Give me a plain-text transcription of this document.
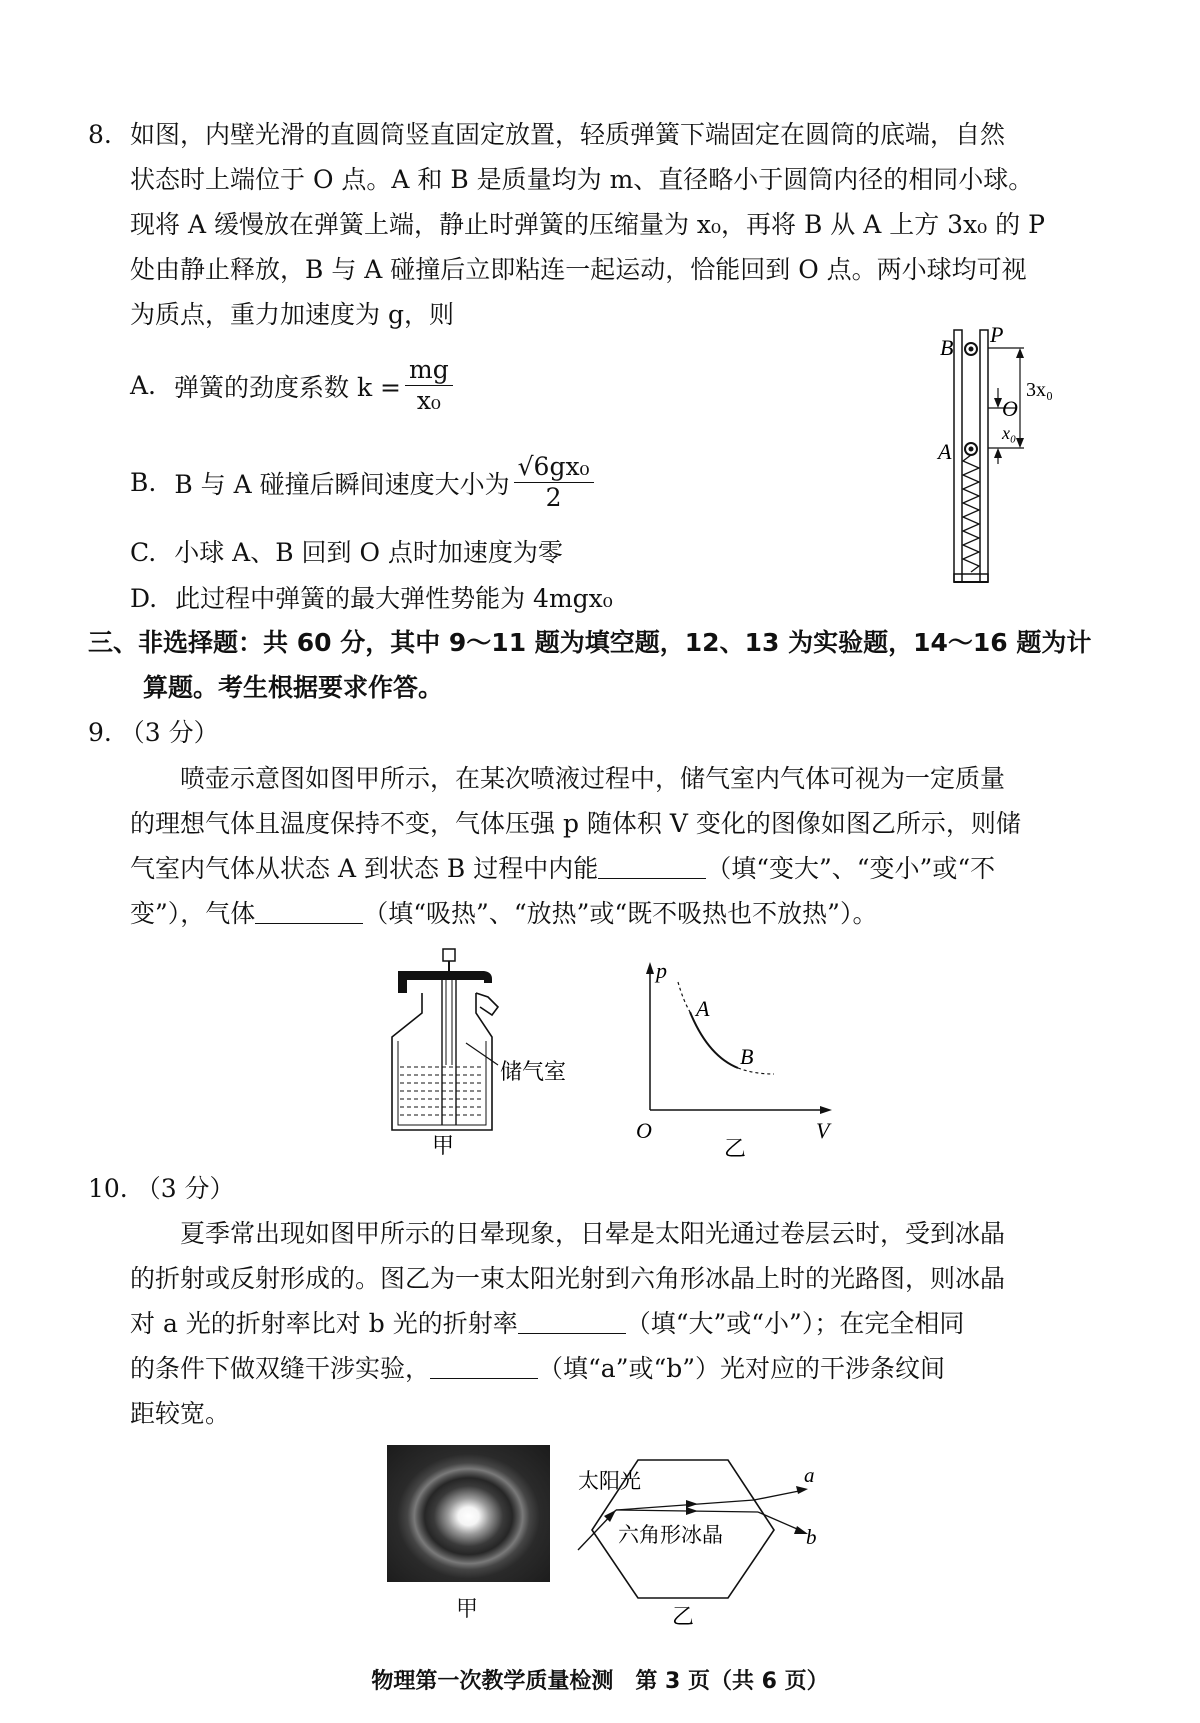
8. 如图，内壁光滑的直圆筒竖直固定放置，轻质弹簧下端固定在圆筒的底端，自然
状态时上端位于 O 点。A 和 B 是质量均为 m、直径略小于圆筒内径的相同小球。
现将 A 缓慢放在弹簧上端，静止时弹簧的压缩量为 x₀，再将 B 从 A 上方 3x₀ 的 P
处由静止释放，B 与 A 碰撞后立即粘连一起运动，恰能回到 O 点。两小球均可视
为质点，重力加速度为 g，则
A. 弹簧的劲度系数 $k = \frac{mg}{\text{x₀}}$
B. B 与 A 碰撞后瞬间速度大小为 $\frac{\text{√6gx₀}}{2}$
C. 小球 A、B 回到 O 点时加速度为零
D. 此过程中弹簧的最大弹性势能为 4mgx₀
B
P
3x₀
O
x₀
A
三、非选择题：共 60 分，其中 9～11 题为填空题，12、13 为实验题，14～16 题为计
算题。考生根据要求作答。
9. （3 分）
喷壶示意图如图甲所示，在某次喷液过程中，储气室内气体可视为一定质量
的理想气体且温度保持不变，气体压强 p 随体积 V 变化的图像如图乙所示，则储
气室内气体从状态 A 到状态 B 过程中内能	（填“变大”、“变小”或“不
变”），气体	（填“吸热”、“放热”或“既不吸热也不放热”）。
储气室
甲
p
V
O
A
B
乙
10. （3 分）
夏季常出现如图甲所示的日晕现象，日晕是太阳光通过卷层云时，受到冰晶
的折射或反射形成的。图乙为一束太阳光射到六角形冰晶上时的光路图，则冰晶
对 a 光的折射率比对 b 光的折射率	（填“大”或“小”）；在完全相同
的条件下做双缝干涉实验，	（填“a”或“b”）光对应的干涉条纹间
距较宽。
甲
太阳光
六角形冰晶
a
b
乙
物理第一次教学质量检测　第 3 页（共 6 页）
